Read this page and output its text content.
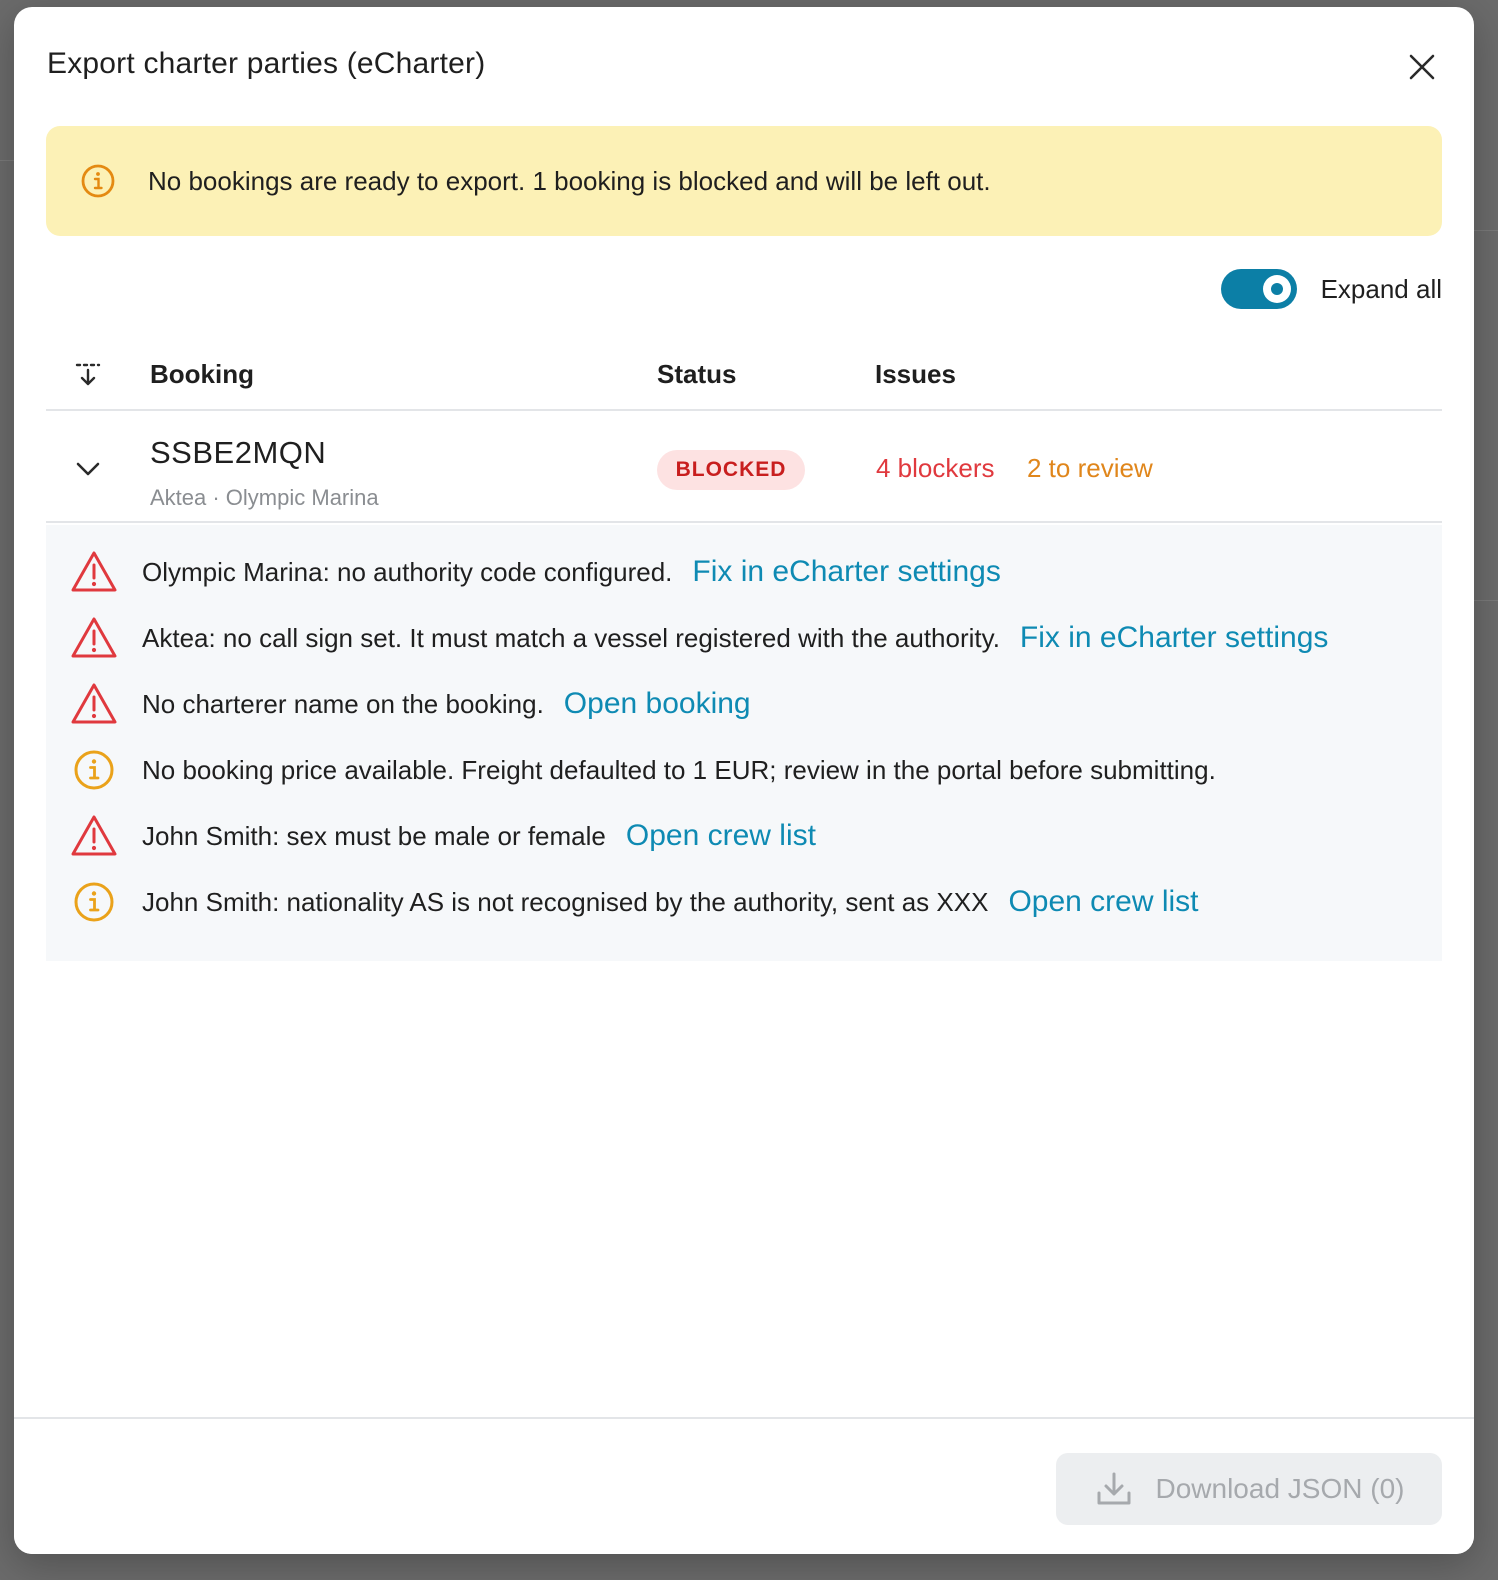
Export charter parties (eCharter)
No bookings are ready to export. 1 booking is blocked and will be left out.
Expand all
Booking	Status	Issues
SSBE2MQN
Aktea · Olympic Marina
BLOCKED	4 blockers 2 to review
Olympic Marina: no authority code configured. Fix in eCharter settings
Aktea: no call sign set. It must match a vessel registered with the authority. Fix in eCharter settings
No charterer name on the booking. Open booking
No booking price available. Freight defaulted to 1 EUR; review in the portal before submitting.
John Smith: sex must be male or female Open crew list
John Smith: nationality AS is not recognised by the authority, sent as XXX Open crew list
Download JSON (0)
